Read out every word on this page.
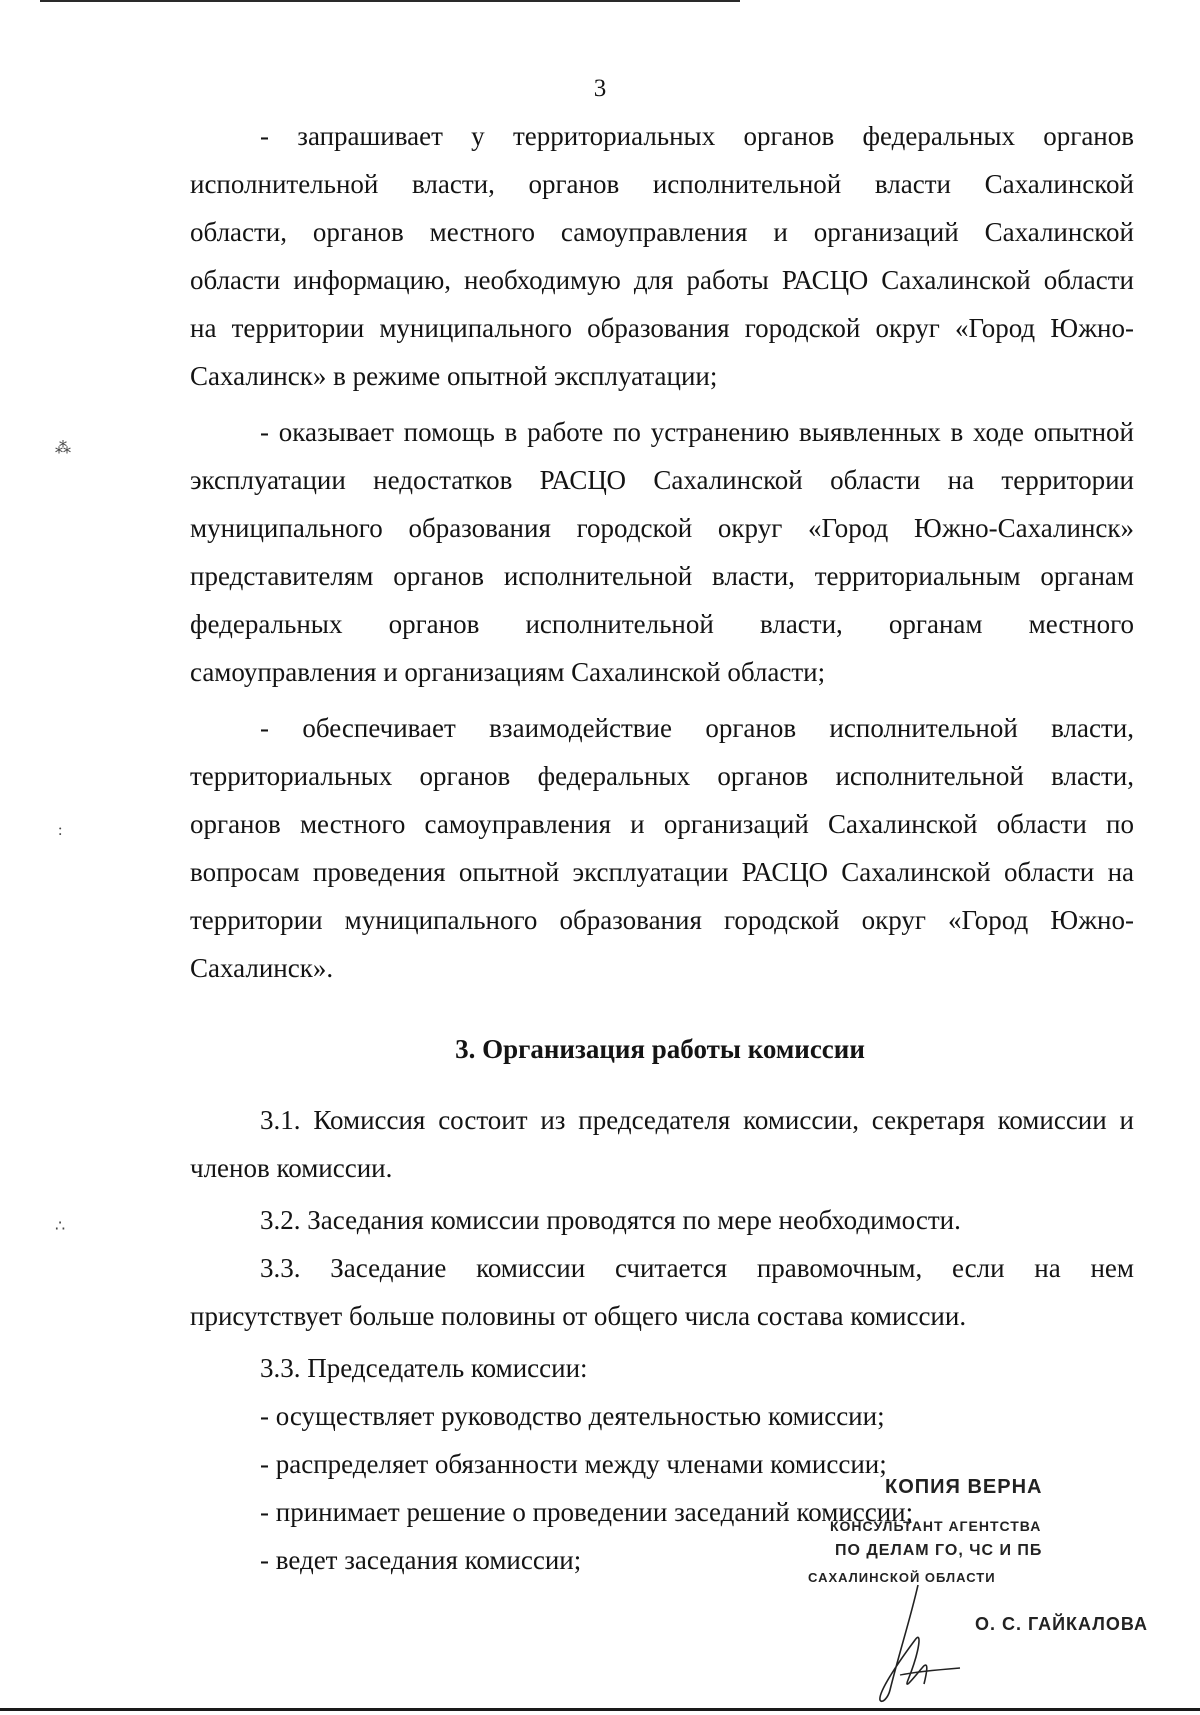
3

- запрашивает у территориальных органов федеральных органов
исполнительной власти, органов исполнительной власти Сахалинской
области, органов местного самоуправления и организаций Сахалинской
области информацию, необходимую для работы РАСЦО Сахалинской области
на территории муниципального образования городской округ «Город Южно-
Сахалинск» в режиме опытной эксплуатации;

- оказывает помощь в работе по устранению выявленных в ходе опытной
эксплуатации недостатков РАСЦО Сахалинской области на территории
муниципального образования городской округ «Город Южно-Сахалинск»
представителям органов исполнительной власти, территориальным органам
федеральных органов исполнительной власти, органам местного
самоуправления и организациям Сахалинской области;

- обеспечивает взаимодействие органов исполнительной власти,
территориальных органов федеральных органов исполнительной власти,
органов местного самоуправления и организаций Сахалинской области по
вопросам проведения опытной эксплуатации РАСЦО Сахалинской области на
территории муниципального образования городской округ «Город Южно-
Сахалинск».

3. Организация работы комиссии

3.1. Комиссия состоит из председателя комиссии, секретаря комиссии и
членов комиссии.

3.2. Заседания комиссии проводятся по мере необходимости.

3.3. Заседание комиссии считается правомочным, если на нем
присутствует больше половины от общего числа состава комиссии.

3.3. Председатель комиссии:

- осуществляет руководство деятельностью комиссии;
- распределяет обязанности между членами комиссии;
- принимает решение о проведении заседаний комиссии;
- ведет заседания комиссии;

КОПИЯ ВЕРНА
КОНСУЛЬТАНТ АГЕНТСТВА
ПО ДЕЛАМ ГО, ЧС И ПБ
САХАЛИНСКОЙ ОБЛАСТИ
О. С. ГАЙКАЛОВА
⁂
:
∴
